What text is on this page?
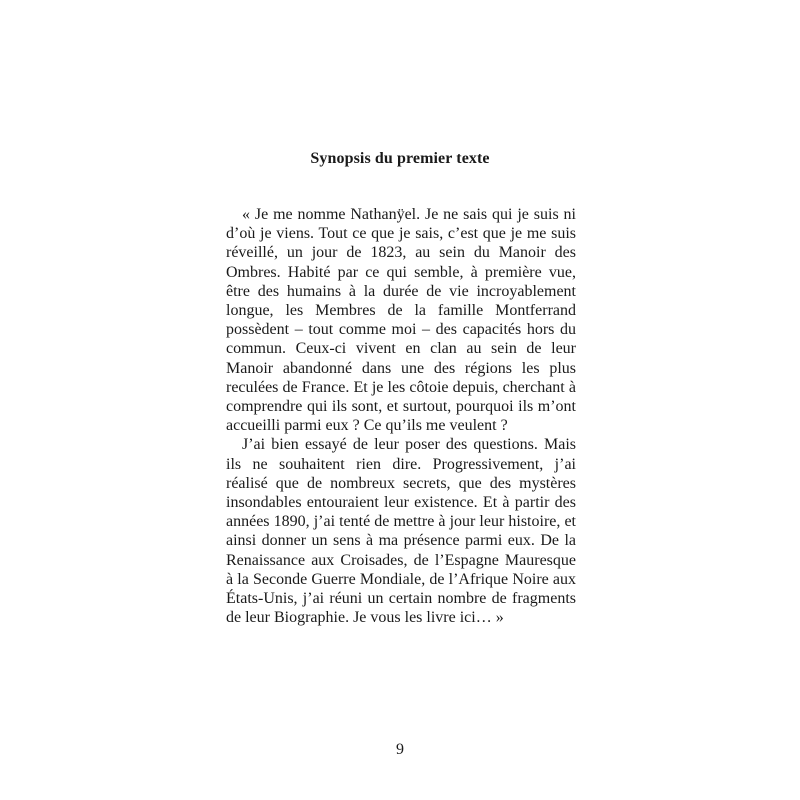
Synopsis du premier texte

« Je me nomme Nathanÿel. Je ne sais qui je suis ni d’où je viens. Tout ce que je sais, c’est que je me suis réveillé, un jour de 1823, au sein du Manoir des Ombres. Habité par ce qui semble, à première vue, être des humains à la durée de vie incroyablement longue, les Membres de la famille Montferrand possèdent – tout comme moi – des capacités hors du commun. Ceux-ci vivent en clan au sein de leur Manoir abandonné dans une des régions les plus reculées de France. Et je les côtoie depuis, cherchant à comprendre qui ils sont, et surtout, pourquoi ils m’ont accueilli parmi eux ? Ce qu’ils me veulent ?

J’ai bien essayé de leur poser des questions. Mais ils ne souhaitent rien dire. Progressivement, j’ai réalisé que de nombreux secrets, que des mystères insondables entouraient leur existence. Et à partir des années 1890, j’ai tenté de mettre à jour leur histoire, et ainsi donner un sens à ma présence parmi eux. De la Renaissance aux Croisades, de l’Espagne Mauresque à la Seconde Guerre Mondiale, de l’Afrique Noire aux États-Unis, j’ai réuni un certain nombre de fragments de leur Biographie. Je vous les livre ici… »

9
